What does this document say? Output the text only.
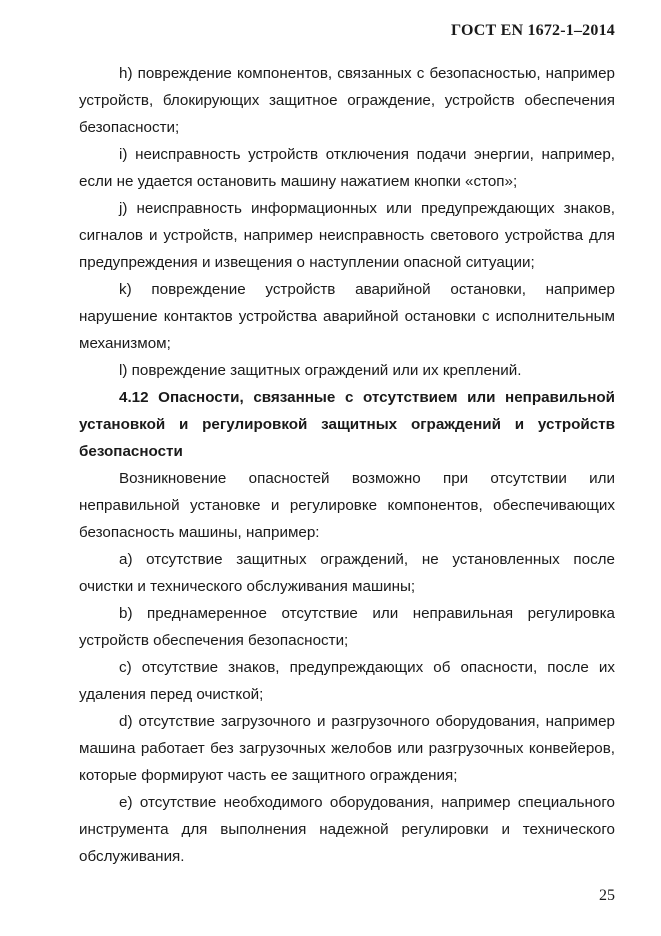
ГОСТ EN 1672-1–2014

h) повреждение компонентов, связанных с безопасностью, например устройств, блокирующих защитное ограждение, устройств обеспечения безопасности;

i) неисправность устройств отключения подачи энергии, например, если не удается остановить машину нажатием кнопки «стоп»;

j) неисправность информационных или предупреждающих знаков, сигналов и устройств, например неисправность светового устройства для предупреждения и извещения о наступлении опасной ситуации;

k) повреждение устройств аварийной остановки, например нарушение контактов устройства аварийной остановки с исполнительным механизмом;

l) повреждение защитных ограждений или их креплений.

4.12 Опасности, связанные с отсутствием или неправильной установкой и регулировкой защитных ограждений и устройств безопасности

Возникновение опасностей возможно при отсутствии или неправильной установке и регулировке компонентов, обеспечивающих безопасность машины, например:

a) отсутствие защитных ограждений, не установленных после очистки и технического обслуживания машины;

b) преднамеренное отсутствие или неправильная регулировка устройств обеспечения безопасности;

c) отсутствие знаков, предупреждающих об опасности, после их удаления перед очисткой;

d) отсутствие загрузочного и разгрузочного оборудования, например машина работает без загрузочных желобов или разгрузочных конвейеров, которые формируют часть ее защитного ограждения;

e) отсутствие необходимого оборудования, например специального инструмента для выполнения надежной регулировки и технического обслуживания.

25
